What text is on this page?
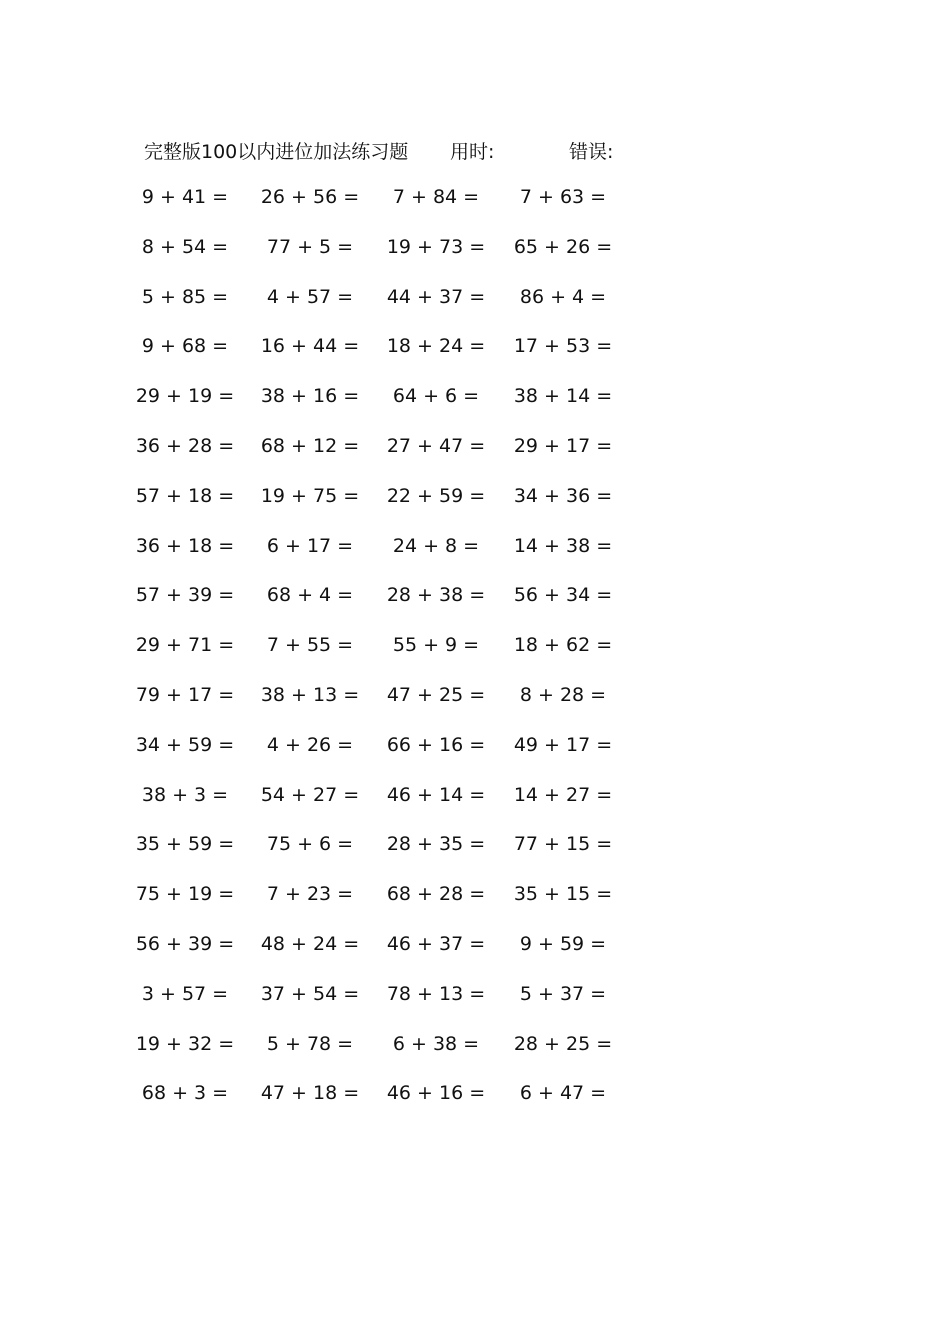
完整版100以内进位加法练习题 用时:	错误:
9 + 41 =	26 + 56 =	7 + 84 =	7 + 63 =
8 + 54 =	77 + 5 =	19 + 73 =	65 + 26 =
5 + 85 =	4 + 57 =	44 + 37 =	86 + 4 =
9 + 68 =	16 + 44 =	18 + 24 =	17 + 53 =
29 + 19 =	38 + 16 =	64 + 6 =	38 + 14 =
36 + 28 =	68 + 12 =	27 + 47 =	29 + 17 =
57 + 18 =	19 + 75 =	22 + 59 =	34 + 36 =
36 + 18 =	6 + 17 =	24 + 8 =	14 + 38 =
57 + 39 =	68 + 4 =	28 + 38 =	56 + 34 =
29 + 71 =	7 + 55 =	55 + 9 =	18 + 62 =
79 + 17 =	38 + 13 =	47 + 25 =	8 + 28 =
34 + 59 =	4 + 26 =	66 + 16 =	49 + 17 =
38 + 3 =	54 + 27 =	46 + 14 =	14 + 27 =
35 + 59 =	75 + 6 =	28 + 35 =	77 + 15 =
75 + 19 =	7 + 23 =	68 + 28 =	35 + 15 =
56 + 39 =	48 + 24 =	46 + 37 =	9 + 59 =
3 + 57 =	37 + 54 =	78 + 13 =	5 + 37 =
19 + 32 =	5 + 78 =	6 + 38 =	28 + 25 =
68 + 3 =	47 + 18 =	46 + 16 =	6 + 47 =
